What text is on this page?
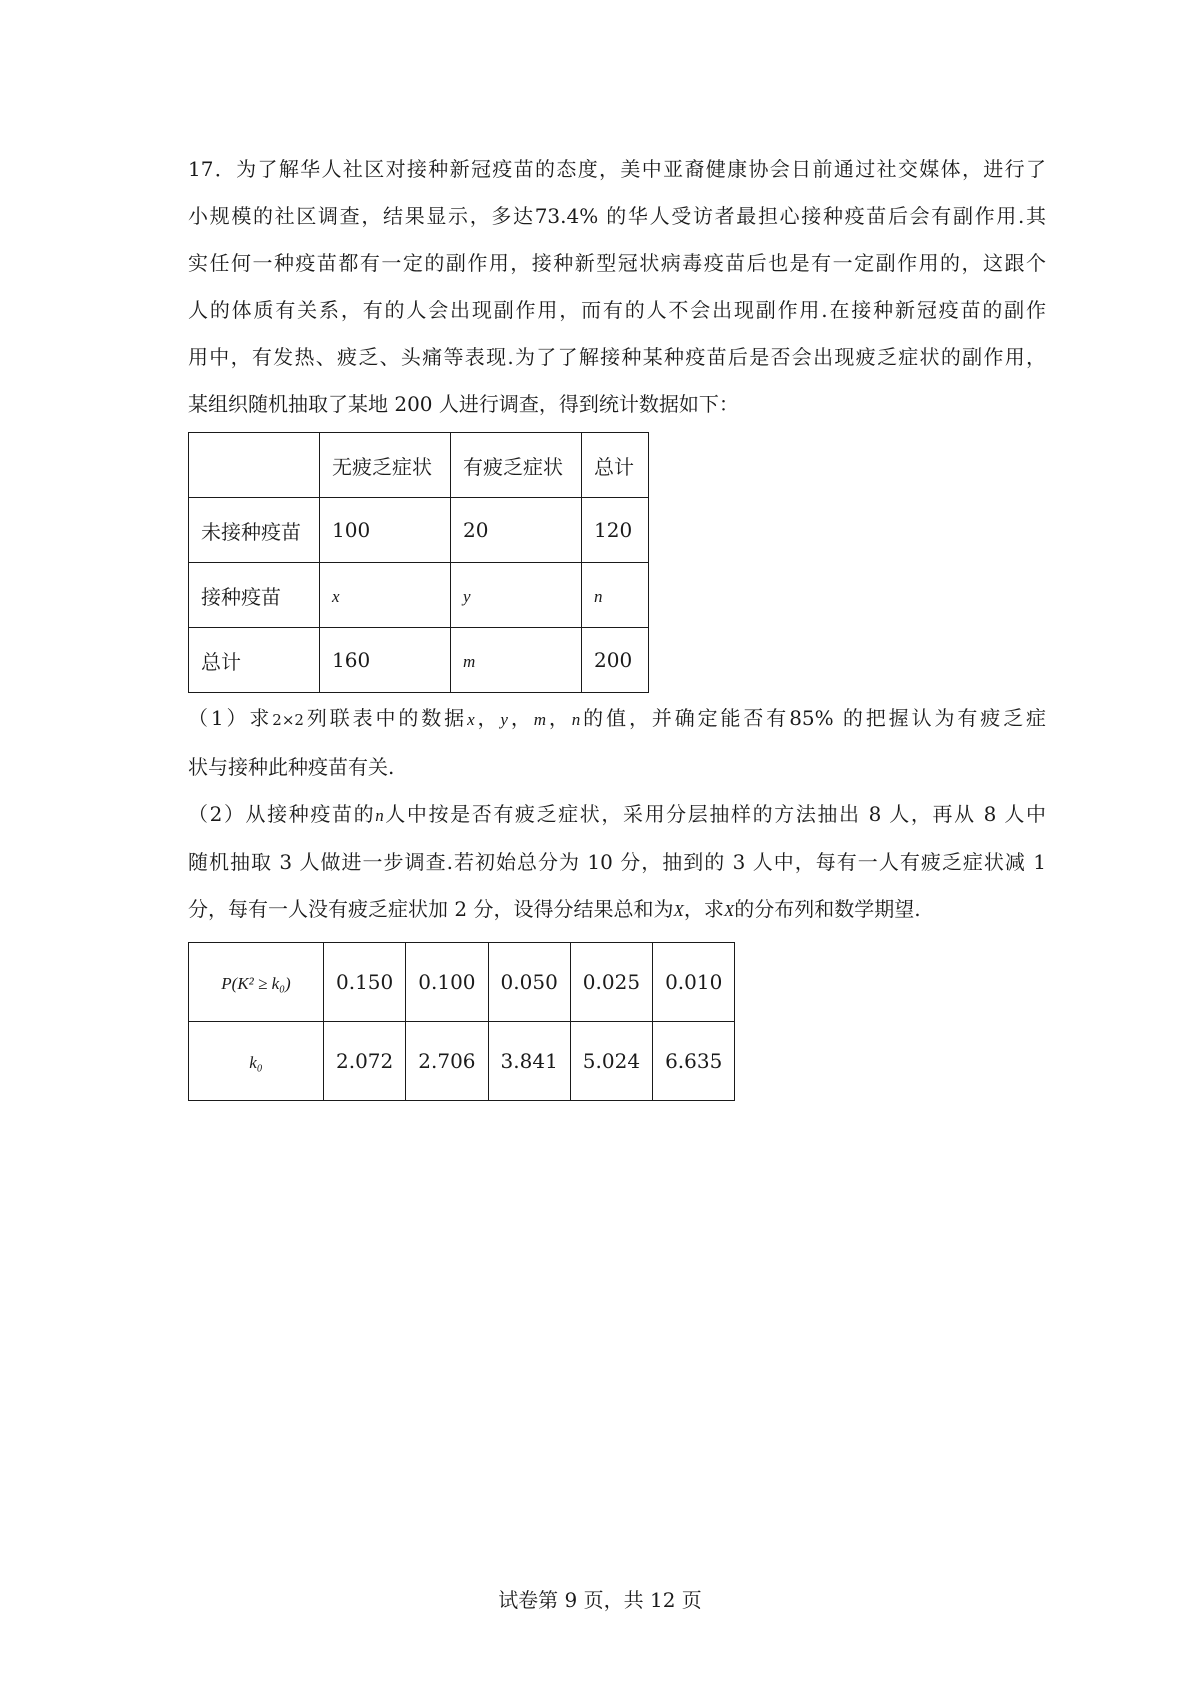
17．为了解华人社区对接种新冠疫苗的态度，美中亚裔健康协会日前通过社交媒体，进行了

小规模的社区调查，结果显示，多达73.4% 的华人受访者最担心接种疫苗后会有副作用.其

实任何一种疫苗都有一定的副作用，接种新型冠状病毒疫苗后也是有一定副作用的，这跟个

人的体质有关系，有的人会出现副作用，而有的人不会出现副作用.在接种新冠疫苗的副作

用中，有发热、疲乏、头痛等表现.为了了解接种某种疫苗后是否会出现疲乏症状的副作用，

某组织随机抽取了某地 200 人进行调查，得到统计数据如下：

	无疲乏症状	有疲乏症状	总计
未接种疫苗	100	20	120
接种疫苗	x	y	n
总计	160	m	200

（1）求2×2列联表中的数据x，y，m，n的值，并确定能否有85% 的把握认为有疲乏症

状与接种此种疫苗有关.

（2）从接种疫苗的n人中按是否有疲乏症状，采用分层抽样的方法抽出 8 人，再从 8 人中

随机抽取 3 人做进一步调查.若初始总分为 10 分，抽到的 3 人中，每有一人有疲乏症状减 1

分，每有一人没有疲乏症状加 2 分，设得分结果总和为X，求X的分布列和数学期望.

P(K² ≥ k₀)	0.150	0.100	0.050	0.025	0.010
k₀	2.072	2.706	3.841	5.024	6.635
试卷第 9 页，共 12 页
